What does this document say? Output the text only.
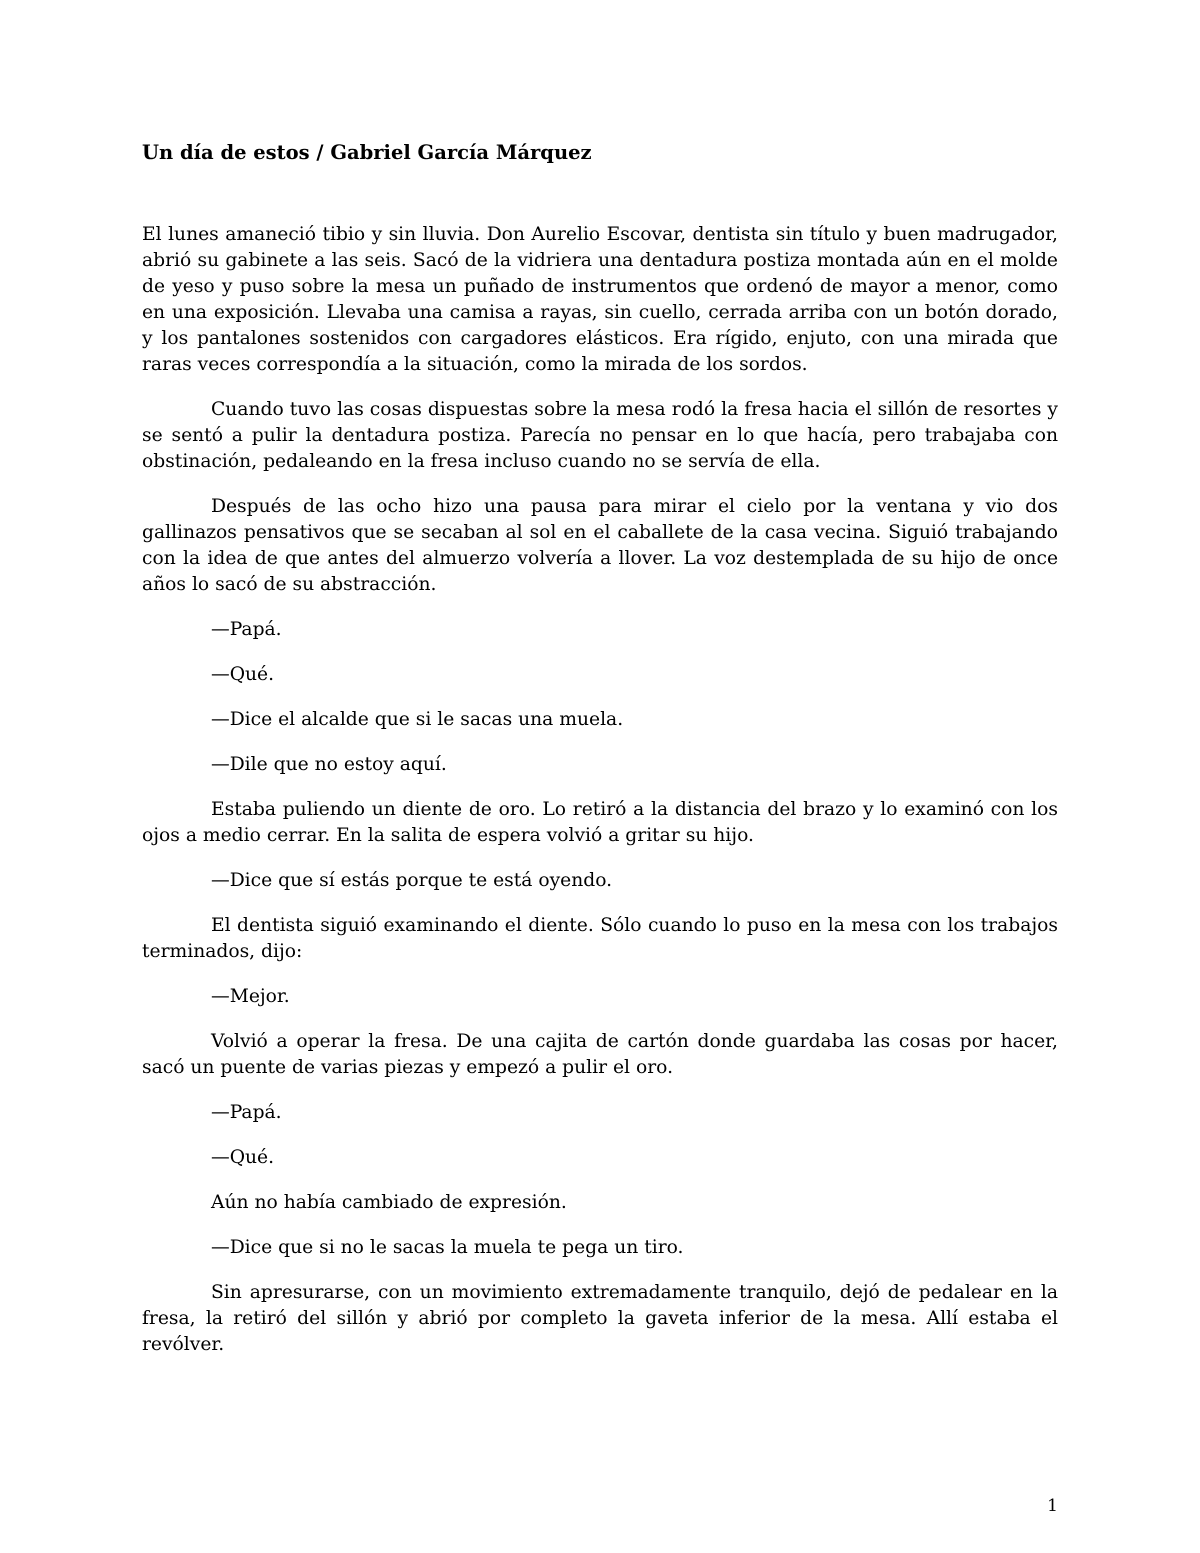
Un día de estos / Gabriel García Márquez

El lunes amaneció tibio y sin lluvia. Don Aurelio Escovar, dentista sin título y buen madrugador, abrió su gabinete a las seis. Sacó de la vidriera una dentadura postiza montada aún en el molde de yeso y puso sobre la mesa un puñado de instrumentos que ordenó de mayor a menor, como en una exposición. Llevaba una camisa a rayas, sin cuello, cerrada arriba con un botón dorado, y los pantalones sostenidos con cargadores elásticos. Era rígido, enjuto, con una mirada que raras veces correspondía a la situación, como la mirada de los sordos.

Cuando tuvo las cosas dispuestas sobre la mesa rodó la fresa hacia el sillón de resortes y se sentó a pulir la dentadura postiza. Parecía no pensar en lo que hacía, pero trabajaba con obstinación, pedaleando en la fresa incluso cuando no se servía de ella.

Después de las ocho hizo una pausa para mirar el cielo por la ventana y vio dos gallinazos pensativos que se secaban al sol en el caballete de la casa vecina. Siguió trabajando con la idea de que antes del almuerzo volvería a llover. La voz destemplada de su hijo de once años lo sacó de su abstracción.

—Papá.

—Qué.

—Dice el alcalde que si le sacas una muela.

—Dile que no estoy aquí.

Estaba puliendo un diente de oro. Lo retiró a la distancia del brazo y lo examinó con los ojos a medio cerrar. En la salita de espera volvió a gritar su hijo.

—Dice que sí estás porque te está oyendo.

El dentista siguió examinando el diente. Sólo cuando lo puso en la mesa con los trabajos terminados, dijo:

—Mejor.

Volvió a operar la fresa. De una cajita de cartón donde guardaba las cosas por hacer, sacó un puente de varias piezas y empezó a pulir el oro.

—Papá.

—Qué.

Aún no había cambiado de expresión.

—Dice que si no le sacas la muela te pega un tiro.

Sin apresurarse, con un movimiento extremadamente tranquilo, dejó de pedalear en la fresa, la retiró del sillón y abrió por completo la gaveta inferior de la mesa. Allí estaba el revólver.

1
